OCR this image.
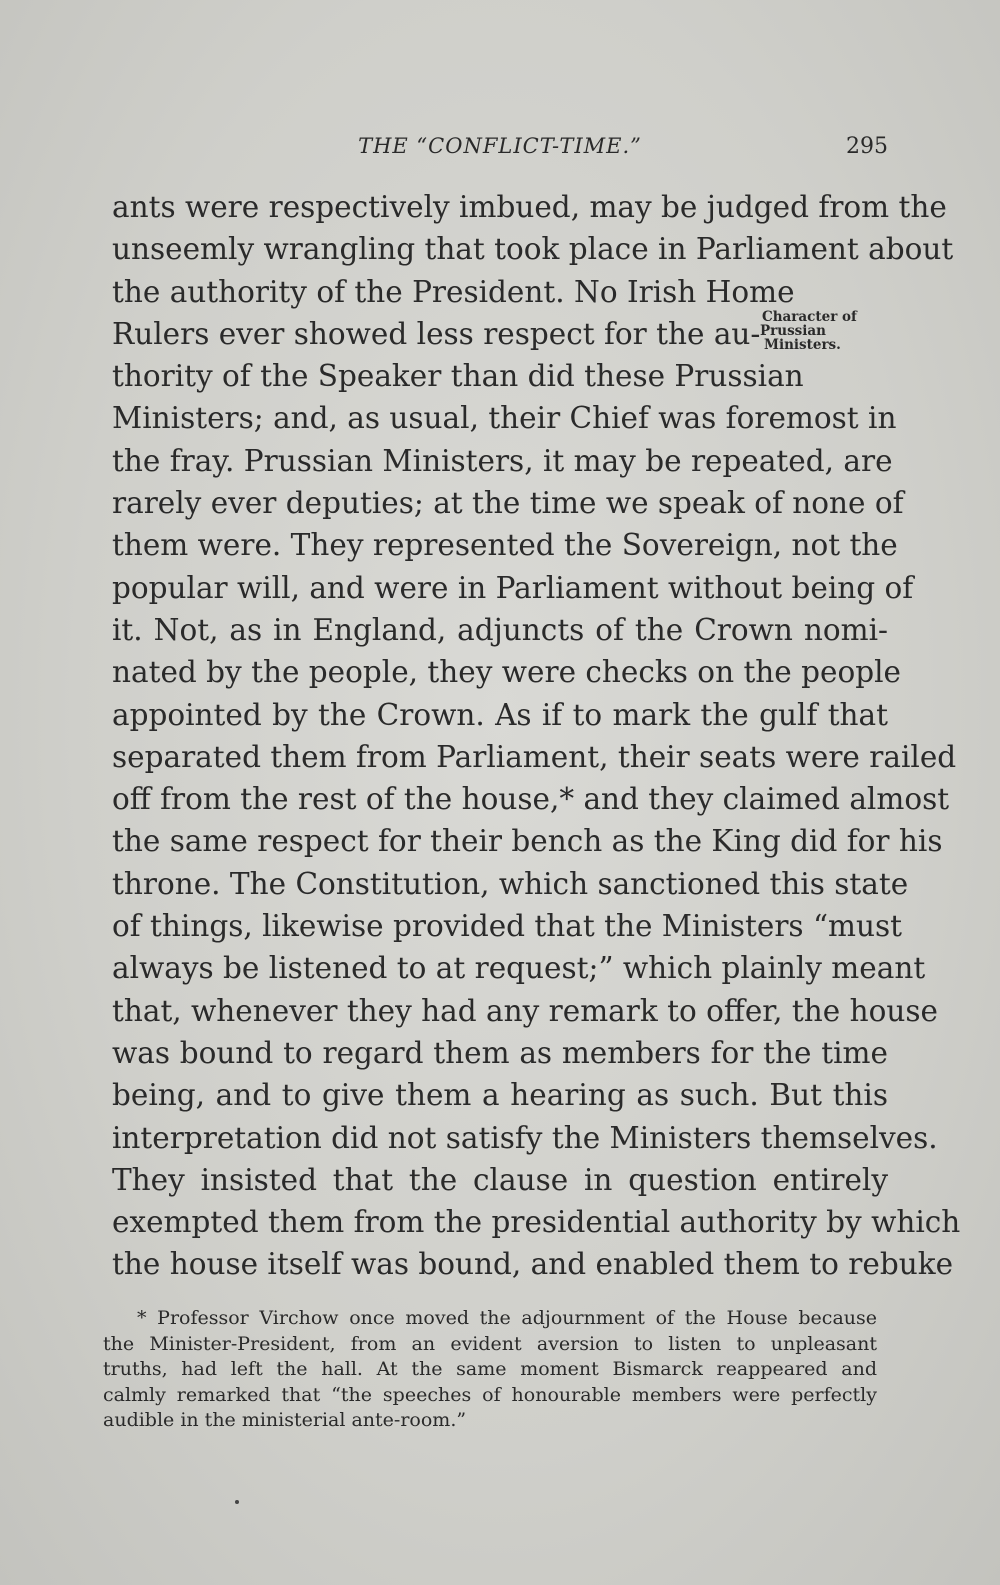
THE “CONFLICT-TIME.”	295
Character of
Prussian
Ministers.
ants were respectively imbued, may be judged from the
unseemly wrangling that took place in Parliament about
the authority of the President. No Irish Home
Rulers ever showed less respect for the au-
thority of the Speaker than did these Prussian
Ministers; and, as usual, their Chief was foremost in
the fray. Prussian Ministers, it may be repeated, are
rarely ever deputies; at the time we speak of none of
them were. They represented the Sovereign, not the
popular will, and were in Parliament without being of
it. Not, as in England, adjuncts of the Crown nomi-
nated by the people, they were checks on the people
appointed by the Crown. As if to mark the gulf that
separated them from Parliament, their seats were railed
off from the rest of the house,* and they claimed almost
the same respect for their bench as the King did for his
throne. The Constitution, which sanctioned this state
of things, likewise provided that the Ministers “must
always be listened to at request;” which plainly meant
that, whenever they had any remark to offer, the house
was bound to regard them as members for the time
being, and to give them a hearing as such. But this
interpretation did not satisfy the Ministers themselves.
They insisted that the clause in question entirely
exempted them from the presidential authority by which
the house itself was bound, and enabled them to rebuke
* Professor Virchow once moved the adjournment of the House because
the Minister-President, from an evident aversion to listen to unpleasant
truths, had left the hall. At the same moment Bismarck reappeared and
calmly remarked that “the speeches of honourable members were perfectly
audible in the ministerial ante-room.”
